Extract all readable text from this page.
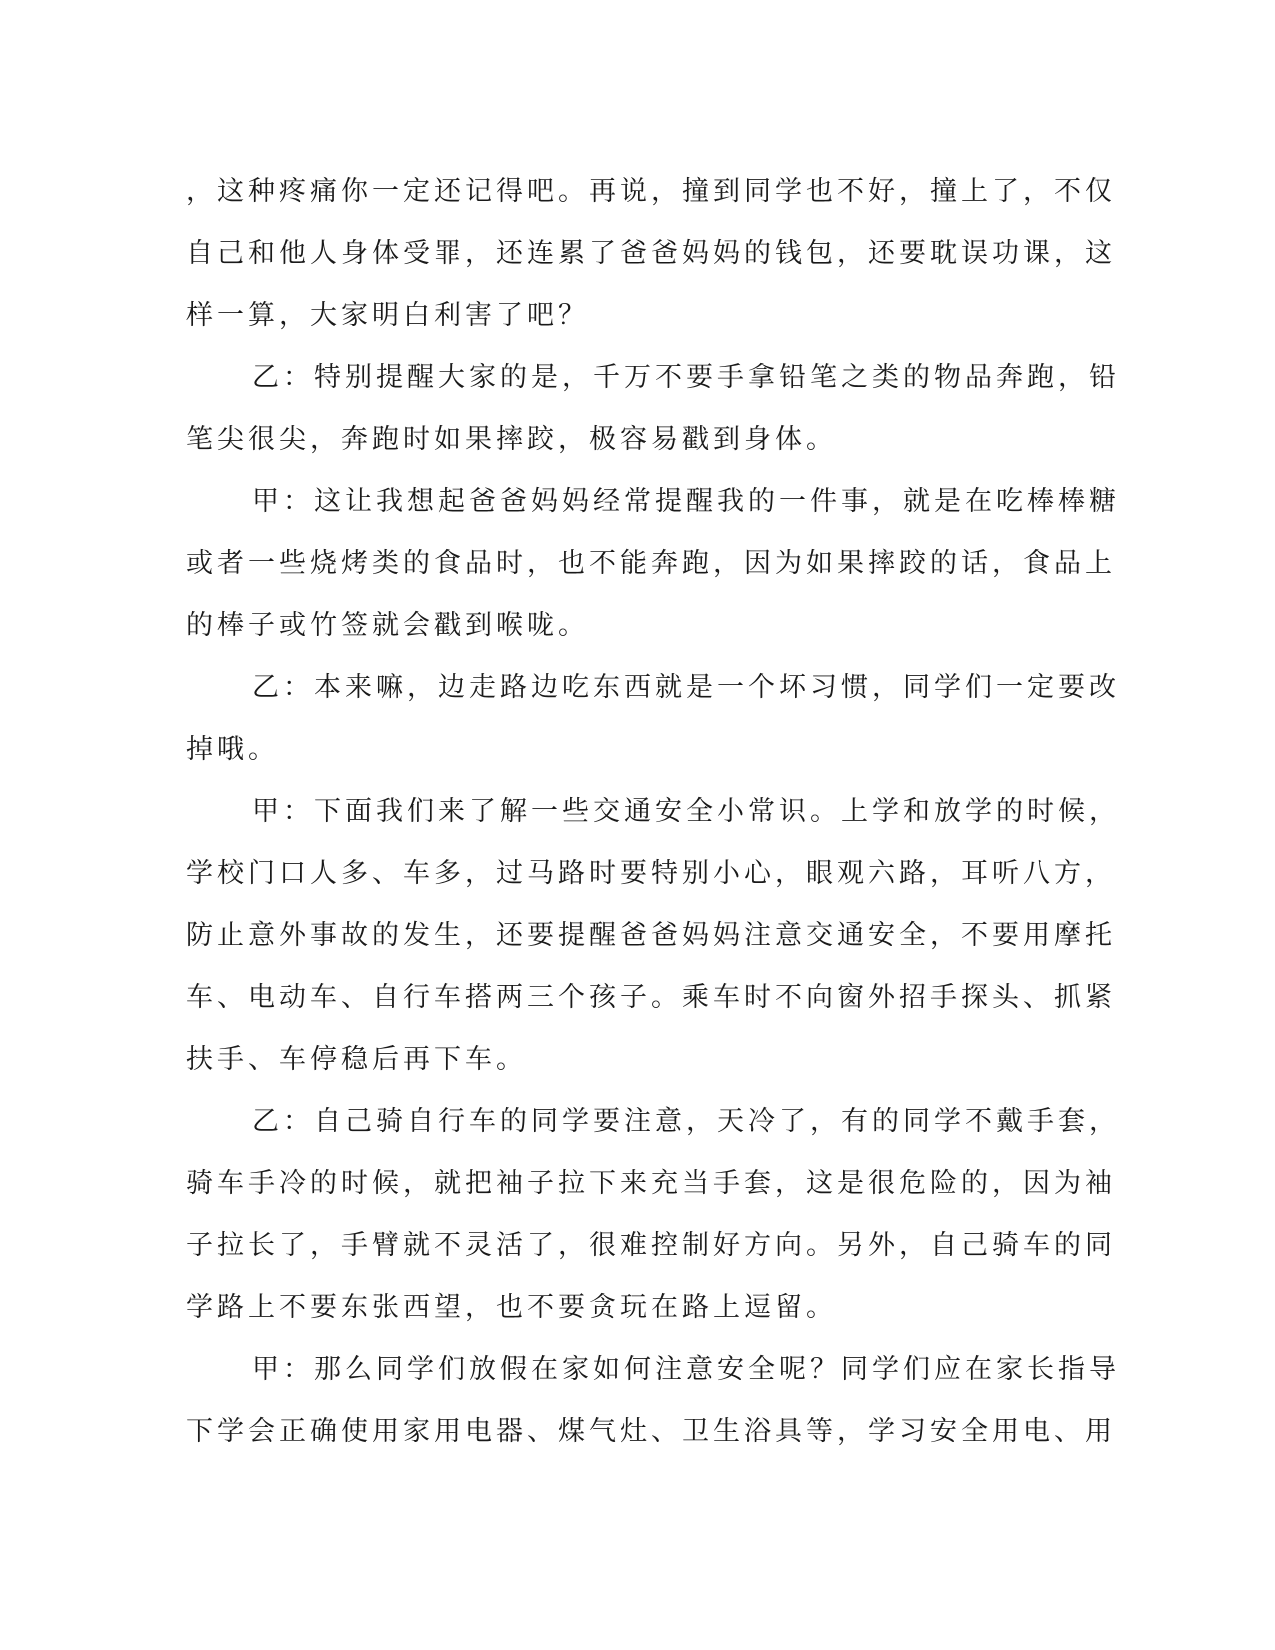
，这种疼痛你一定还记得吧。再说，撞到同学也不好，撞上了，不仅
自己和他人身体受罪，还连累了爸爸妈妈的钱包，还要耽误功课，这
样一算，大家明白利害了吧？
乙：特别提醒大家的是，千万不要手拿铅笔之类的物品奔跑，铅
笔尖很尖，奔跑时如果摔跤，极容易戳到身体。
甲：这让我想起爸爸妈妈经常提醒我的一件事，就是在吃棒棒糖
或者一些烧烤类的食品时，也不能奔跑，因为如果摔跤的话，食品上
的棒子或竹签就会戳到喉咙。
乙：本来嘛，边走路边吃东西就是一个坏习惯，同学们一定要改
掉哦。
甲：下面我们来了解一些交通安全小常识。上学和放学的时候，
学校门口人多、车多，过马路时要特别小心，眼观六路，耳听八方，
防止意外事故的发生，还要提醒爸爸妈妈注意交通安全，不要用摩托
车、电动车、自行车搭两三个孩子。乘车时不向窗外招手探头、抓紧
扶手、车停稳后再下车。
乙：自己骑自行车的同学要注意，天冷了，有的同学不戴手套，
骑车手冷的时候，就把袖子拉下来充当手套，这是很危险的，因为袖
子拉长了，手臂就不灵活了，很难控制好方向。另外，自己骑车的同
学路上不要东张西望，也不要贪玩在路上逗留。
甲：那么同学们放假在家如何注意安全呢？同学们应在家长指导
下学会正确使用家用电器、煤气灶、卫生浴具等，学习安全用电、用
